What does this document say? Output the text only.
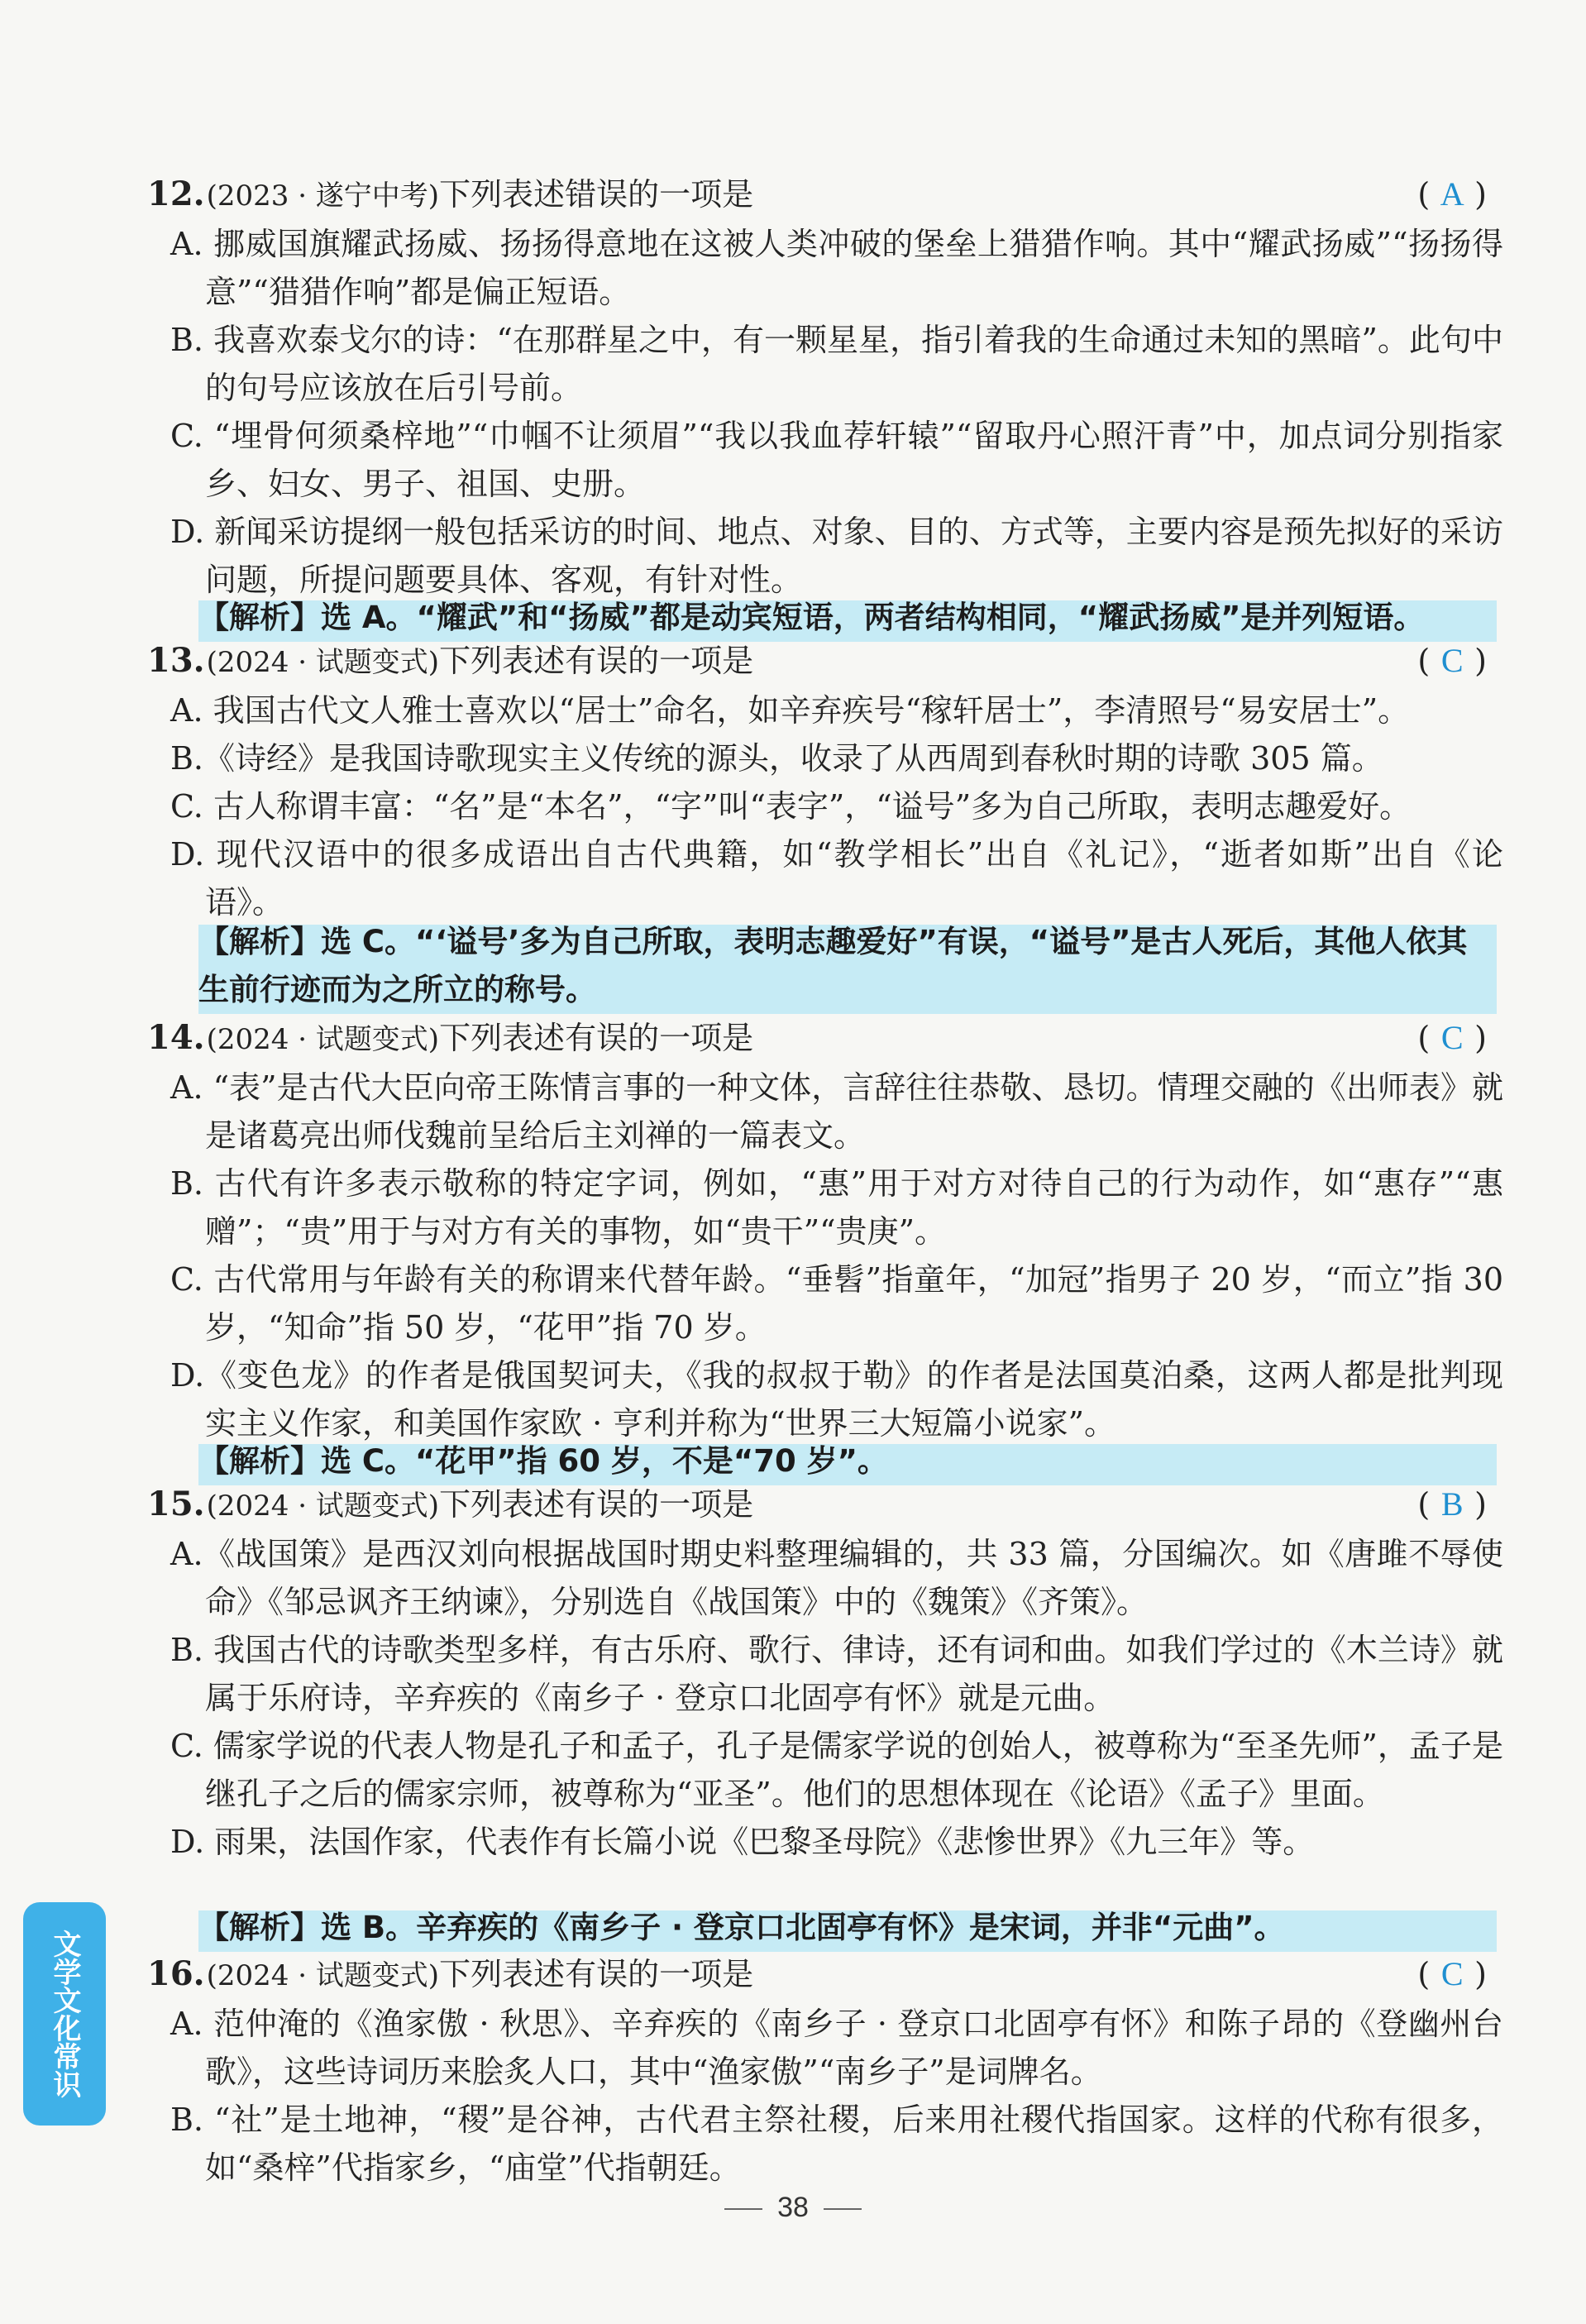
12. (2023 · 遂宁中考) 下列表述错误的一项是	( A )
A. 挪威国旗耀武扬威、扬扬得意地在这被人类冲破的堡垒上猎猎作响。其中“耀武扬威”“扬扬得意”“猎猎作响”都是偏正短语。
B. 我喜欢泰戈尔的诗：“在那群星之中，有一颗星星，指引着我的生命通过未知的黑暗”。此句中的句号应该放在后引号前。
C. “埋骨何须桑梓地”“巾帼不让须眉”“我以我血荐轩辕”“留取丹心照汗青”中，加点词分别指家乡、妇女、男子、祖国、史册。
D. 新闻采访提纲一般包括采访的时间、地点、对象、目的、方式等，主要内容是预先拟好的采访问题，所提问题要具体、客观，有针对性。
【解析】选 A。“耀武”和“扬威”都是动宾短语，两者结构相同，“耀武扬威”是并列短语。
13. (2024 · 试题变式) 下列表述有误的一项是	( C )
A. 我国古代文人雅士喜欢以“居士”命名，如辛弃疾号“稼轩居士”，李清照号“易安居士”。
B.《诗经》是我国诗歌现实主义传统的源头，收录了从西周到春秋时期的诗歌 305 篇。
C. 古人称谓丰富：“名”是“本名”，“字”叫“表字”，“谥号”多为自己所取，表明志趣爱好。
D. 现代汉语中的很多成语出自古代典籍，如“教学相长”出自《礼记》，“逝者如斯”出自《论语》。
【解析】选 C。“‘谥号’多为自己所取，表明志趣爱好”有误，“谥号”是古人死后，其他人依其生前行迹而为之所立的称号。
14. (2024 · 试题变式) 下列表述有误的一项是	( C )
A. “表”是古代大臣向帝王陈情言事的一种文体，言辞往往恭敬、恳切。情理交融的《出师表》就是诸葛亮出师伐魏前呈给后主刘禅的一篇表文。
B. 古代有许多表示敬称的特定字词，例如，“惠”用于对方对待自己的行为动作，如“惠存”“惠赠”；“贵”用于与对方有关的事物，如“贵干”“贵庚”。
C. 古代常用与年龄有关的称谓来代替年龄。“垂髫”指童年，“加冠”指男子 20 岁，“而立”指 30 岁，“知命”指 50 岁，“花甲”指 70 岁。
D.《变色龙》的作者是俄国契诃夫，《我的叔叔于勒》的作者是法国莫泊桑，这两人都是批判现实主义作家，和美国作家欧 · 亨利并称为“世界三大短篇小说家”。
【解析】选 C。“花甲”指 60 岁，不是“70 岁”。
15. (2024 · 试题变式) 下列表述有误的一项是	( B )
A.《战国策》是西汉刘向根据战国时期史料整理编辑的，共 33 篇，分国编次。如《唐雎不辱使命》《邹忌讽齐王纳谏》，分别选自《战国策》中的《魏策》《齐策》。
B. 我国古代的诗歌类型多样，有古乐府、歌行、律诗，还有词和曲。如我们学过的《木兰诗》就属于乐府诗，辛弃疾的《南乡子 · 登京口北固亭有怀》就是元曲。
C. 儒家学说的代表人物是孔子和孟子，孔子是儒家学说的创始人，被尊称为“至圣先师”，孟子是继孔子之后的儒家宗师，被尊称为“亚圣”。他们的思想体现在《论语》《孟子》里面。
D. 雨果，法国作家，代表作有长篇小说《巴黎圣母院》《悲惨世界》《九三年》等。
【解析】选 B。辛弃疾的《南乡子 · 登京口北固亭有怀》是宋词，并非“元曲”。
16. (2024 · 试题变式) 下列表述有误的一项是	( C )
A. 范仲淹的《渔家傲 · 秋思》、辛弃疾的《南乡子 · 登京口北固亭有怀》和陈子昂的《登幽州台歌》，这些诗词历来脍炙人口，其中“渔家傲”“南乡子”是词牌名。
B. “社”是土地神，“稷”是谷神，古代君主祭社稷，后来用社稷代指国家。这样的代称有很多，如“桑梓”代指家乡，“庙堂”代指朝廷。
文学文化常识
38
